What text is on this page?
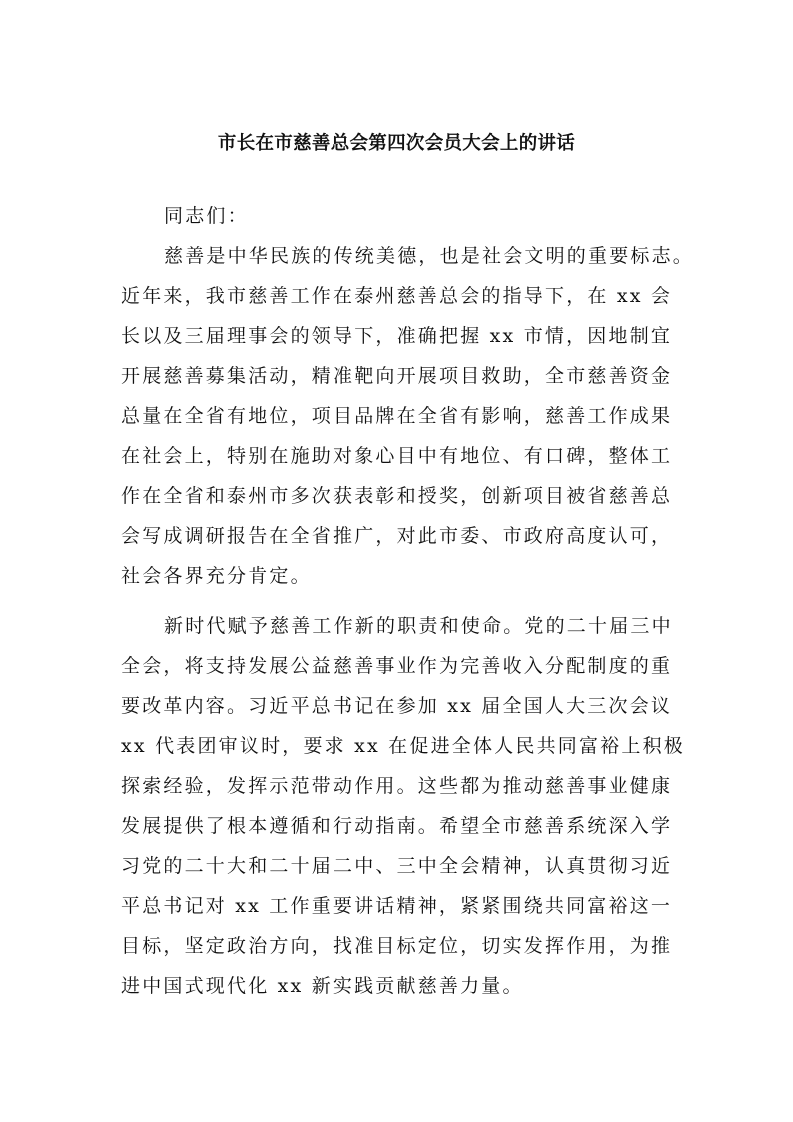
市长在市慈善总会第四次会员大会上的讲话
同志们：
慈善是中华民族的传统美德，也是社会文明的重要标志。
近年来，我市慈善工作在泰州慈善总会的指导下，在 xx 会
长以及三届理事会的领导下，准确把握 xx 市情，因地制宜
开展慈善募集活动，精准靶向开展项目救助，全市慈善资金
总量在全省有地位，项目品牌在全省有影响，慈善工作成果
在社会上，特别在施助对象心目中有地位、有口碑，整体工
作在全省和泰州市多次获表彰和授奖，创新项目被省慈善总
会写成调研报告在全省推广，对此市委、市政府高度认可，
社会各界充分肯定。
新时代赋予慈善工作新的职责和使命。党的二十届三中
全会，将支持发展公益慈善事业作为完善收入分配制度的重
要改革内容。习近平总书记在参加 xx 届全国人大三次会议
xx 代表团审议时，要求 xx 在促进全体人民共同富裕上积极
探索经验，发挥示范带动作用。这些都为推动慈善事业健康
发展提供了根本遵循和行动指南。希望全市慈善系统深入学
习党的二十大和二十届二中、三中全会精神，认真贯彻习近
平总书记对 xx 工作重要讲话精神，紧紧围绕共同富裕这一
目标，坚定政治方向，找准目标定位，切实发挥作用，为推
进中国式现代化 xx 新实践贡献慈善力量。
